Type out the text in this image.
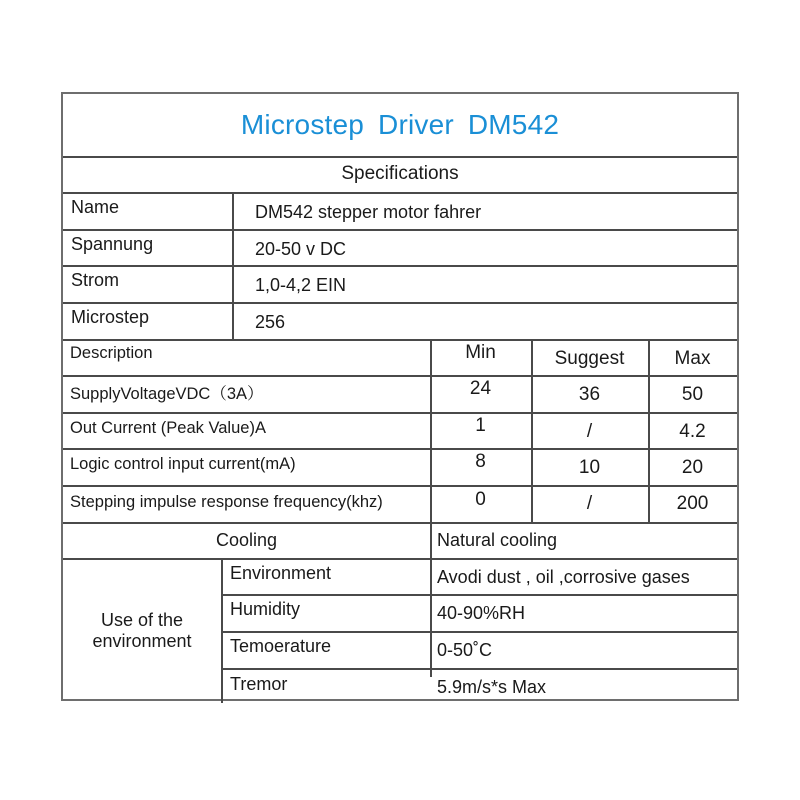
Microstep Driver DM542
Specifications
Name	DM542 stepper motor fahrer
Spannung	20-50 v DC
Strom	1,0-4,2 EIN
Microstep	256
Description	Min	Suggest	Max
SupplyVoltageVDC（3A）	24	36	50
Out Current (Peak Value)A	1	/	4.2
Logic control input current(mA)	8	10	20
Stepping impulse response frequency(khz)	0	/	200
Cooling	Natural cooling
Use of the
environment
Environment	Avodi dust , oil ,corrosive gases
Humidity	40-90%RH
Temoerature	0-50˚C
Tremor	5.9m/s*s Max
